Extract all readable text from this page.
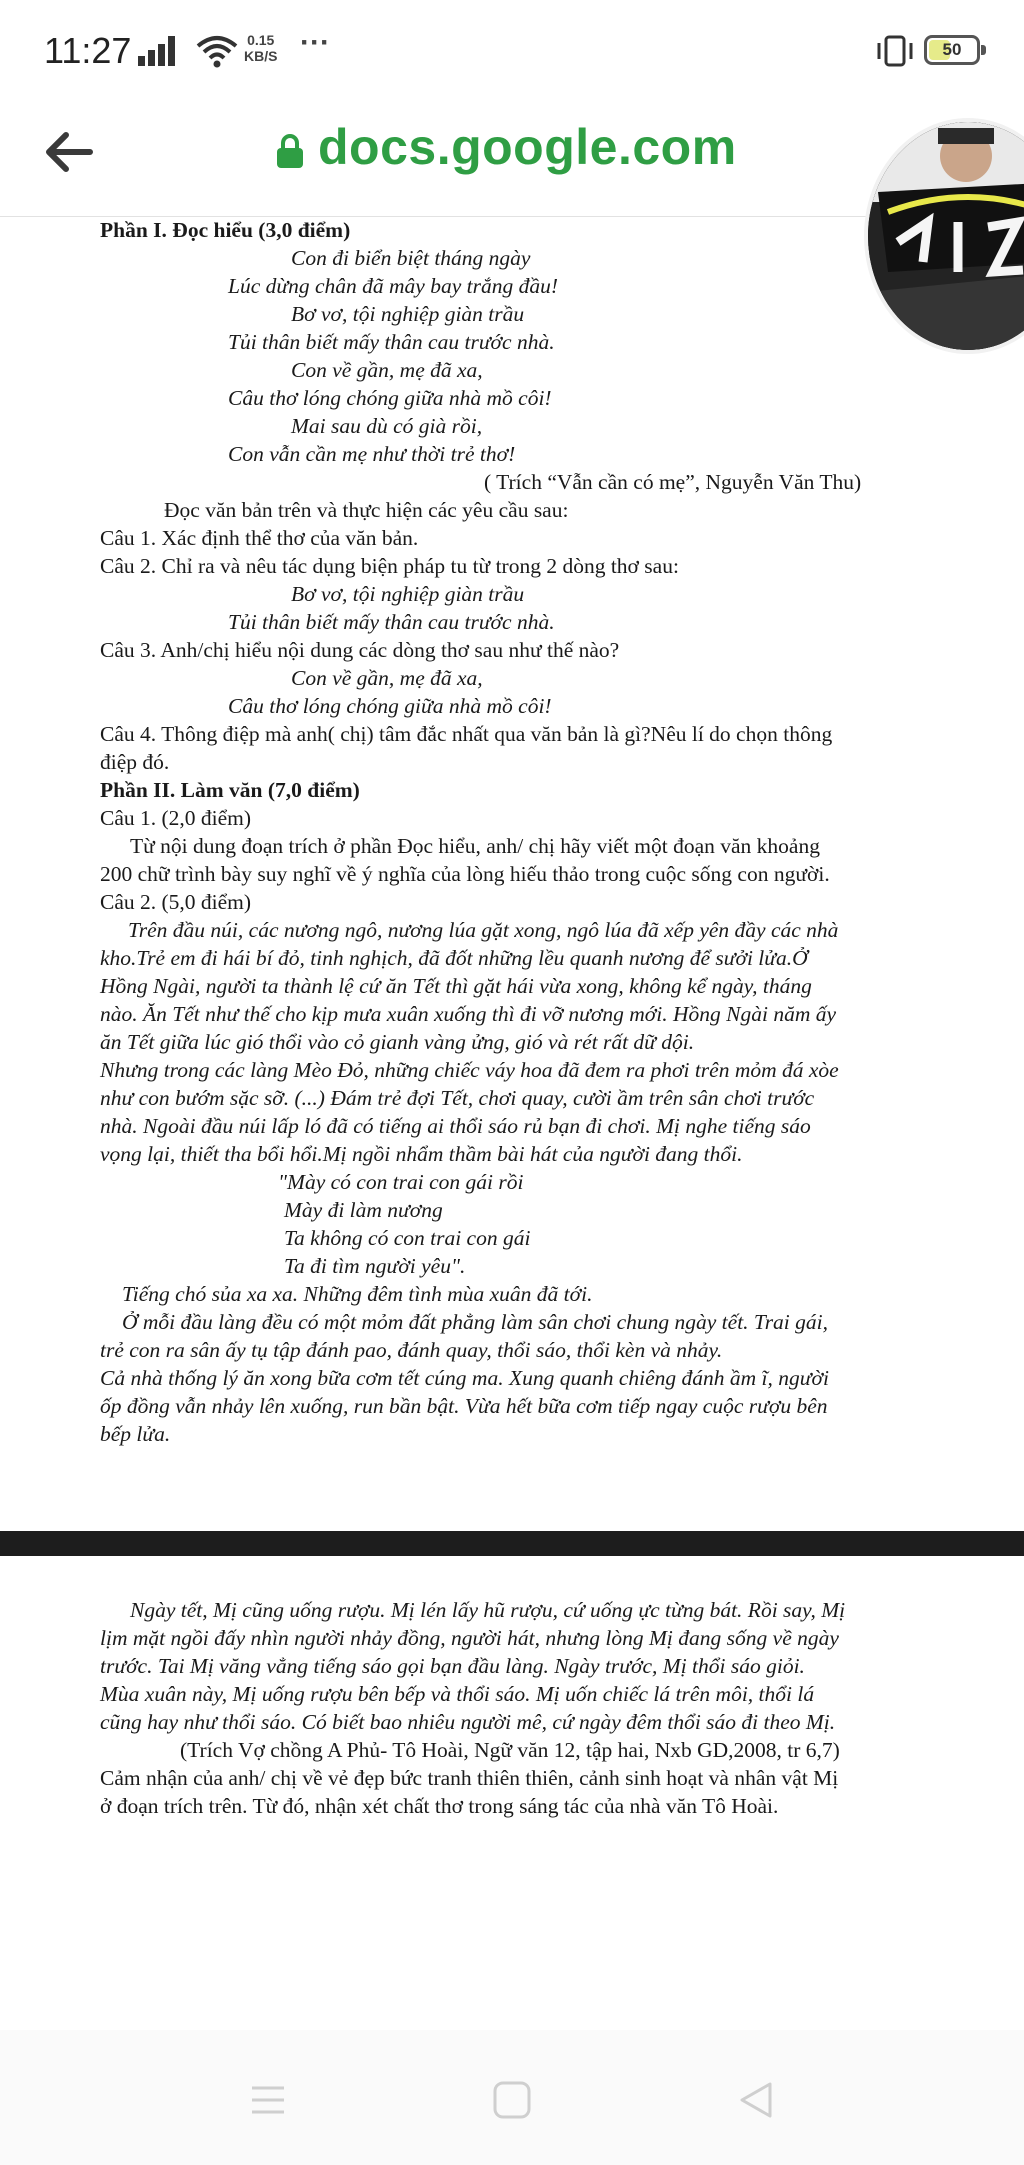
11:27	0.15
KB/S ···	50
docs.google.com
Phần I. Đọc hiểu (3,0 điểm)
Con đi biển biệt tháng ngày
Lúc dừng chân đã mây bay trắng đầu!
Bơ vơ, tội nghiệp giàn trầu
Tủi thân biết mấy thân cau trước nhà.
Con về gần, mẹ đã xa,
Câu thơ lóng chóng giữa nhà mồ côi!
Mai sau dù có già rồi,
Con vẫn cần mẹ như thời trẻ thơ!
( Trích “Vẫn cần có mẹ”, Nguyễn Văn Thu)
Đọc văn bản trên và thực hiện các yêu cầu sau:
Câu 1. Xác định thể thơ của văn bản.
Câu 2. Chỉ ra và nêu tác dụng biện pháp tu từ trong 2 dòng thơ sau:
Bơ vơ, tội nghiệp giàn trầu
Tủi thân biết mấy thân cau trước nhà.
Câu 3. Anh/chị hiểu nội dung các dòng thơ sau như thế nào?
Con về gần, mẹ đã xa,
Câu thơ lóng chóng giữa nhà mồ côi!
Câu 4. Thông điệp mà anh( chị) tâm đắc nhất qua văn bản là gì?Nêu lí do chọn thông
điệp đó.
Phần II. Làm văn (7,0 điểm)
Câu 1. (2,0 điểm)
Từ nội dung đoạn trích ở phần Đọc hiểu, anh/ chị hãy viết một đoạn văn khoảng
200 chữ trình bày suy nghĩ về ý nghĩa của lòng hiếu thảo trong cuộc sống con người.
Câu 2. (5,0 điểm)
Trên đầu núi, các nương ngô, nương lúa gặt xong, ngô lúa đã xếp yên đầy các nhà
kho.Trẻ em đi hái bí đỏ, tinh nghịch, đã đốt những lều quanh nương để sưởi lửa.Ở
Hồng Ngài, người ta thành lệ cứ ăn Tết thì gặt hái vừa xong, không kể ngày, tháng
nào. Ăn Tết như thế cho kịp mưa xuân xuống thì đi vỡ nương mới. Hồng Ngài năm ấy
ăn Tết giữa lúc gió thổi vào cỏ gianh vàng ửng, gió và rét rất dữ dội.
Nhưng trong các làng Mèo Đỏ, những chiếc váy hoa đã đem ra phơi trên mỏm đá xòe
như con bướm sặc sỡ. (...) Đám trẻ đợi Tết, chơi quay, cười ầm trên sân chơi trước
nhà. Ngoài đầu núi lấp ló đã có tiếng ai thổi sáo rủ bạn đi chơi. Mị nghe tiếng sáo
vọng lại, thiết tha bổi hổi.Mị ngồi nhẩm thầm bài hát của người đang thổi.
"Mày có con trai con gái rồi
Mày đi làm nương
Ta không có con trai con gái
Ta đi tìm người yêu".
Tiếng chó sủa xa xa. Những đêm tình mùa xuân đã tới.
Ở mỗi đầu làng đều có một mỏm đất phẳng làm sân chơi chung ngày tết. Trai gái,
trẻ con ra sân ấy tụ tập đánh pao, đánh quay, thổi sáo, thổi kèn và nhảy.
Cả nhà thống lý ăn xong bữa cơm tết cúng ma. Xung quanh chiêng đánh ầm ĩ, người
ốp đồng vẫn nhảy lên xuống, run bần bật. Vừa hết bữa cơm tiếp ngay cuộc rượu bên
bếp lửa.
Ngày tết, Mị cũng uống rượu. Mị lén lấy hũ rượu, cứ uống ực từng bát. Rồi say, Mị
lịm mặt ngồi đấy nhìn người nhảy đồng, người hát, nhưng lòng Mị đang sống về ngày
trước. Tai Mị văng vẳng tiếng sáo gọi bạn đầu làng. Ngày trước, Mị thổi sáo giỏi.
Mùa xuân này, Mị uống rượu bên bếp và thổi sáo. Mị uốn chiếc lá trên môi, thổi lá
cũng hay như thổi sáo. Có biết bao nhiêu người mê, cứ ngày đêm thổi sáo đi theo Mị.
(Trích Vợ chồng A Phủ- Tô Hoài, Ngữ văn 12, tập hai, Nxb GD,2008, tr 6,7)
Cảm nhận của anh/ chị về vẻ đẹp bức tranh thiên thiên, cảnh sinh hoạt và nhân vật Mị
ở đoạn trích trên. Từ đó, nhận xét chất thơ trong sáng tác của nhà văn Tô Hoài.
